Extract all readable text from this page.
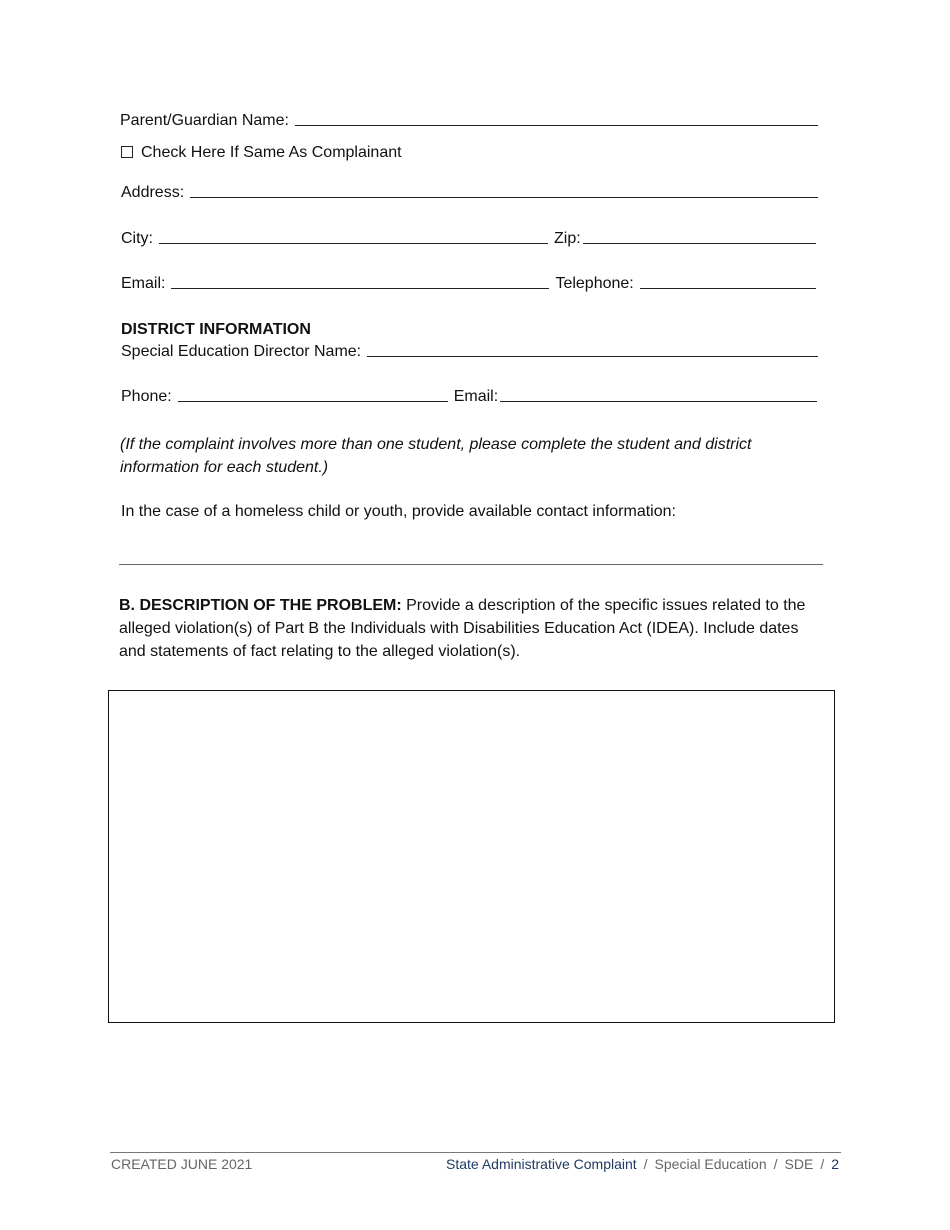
Parent/Guardian Name:
Check Here If Same As Complainant
Address:
City:	Zip:
Email:	Telephone:
DISTRICT INFORMATION
Special Education Director Name:
Phone:	Email:
(If the complaint involves more than one student, please complete the student and district information for each student.)
In the case of a homeless child or youth, provide available contact information:
B. DESCRIPTION OF THE PROBLEM: Provide a description of the specific issues related to the alleged violation(s) of Part B the Individuals with Disabilities Education Act (IDEA). Include dates and statements of fact relating to the alleged violation(s).
CREATED JUNE 2021	State Administrative Complaint / Special Education / SDE / 2
